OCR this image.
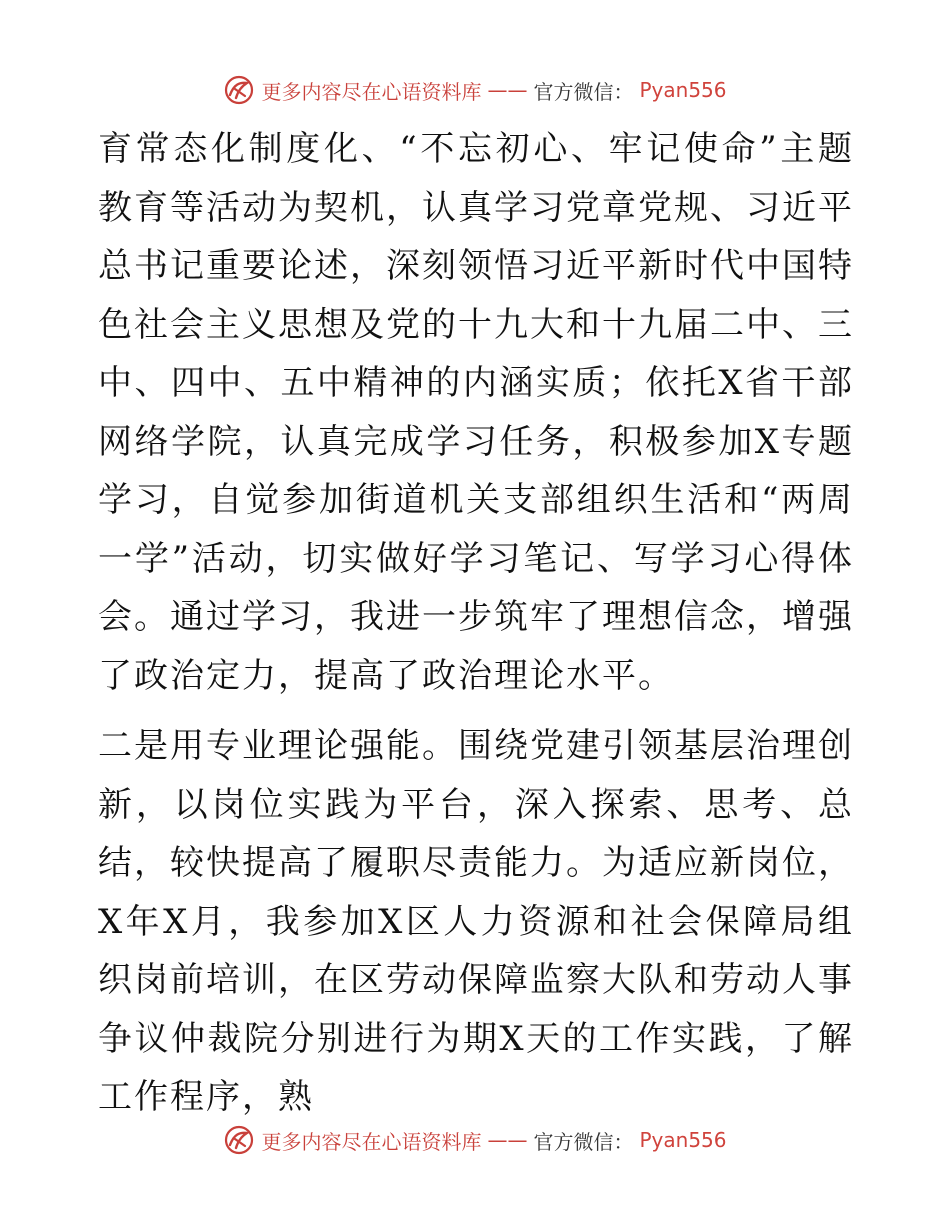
更多内容尽在心语资料库 —— 官方微信： Pyan556

育常态化制度化、“不忘初心、牢记使命”主题教育等活动为契机，认真学习党章党规、习近平总书记重要论述，深刻领悟习近平新时代中国特色社会主义思想及党的十九大和十九届二中、三中、四中、五中精神的内涵实质；依托X省干部网络学院，认真完成学习任务，积极参加X专题学习，自觉参加街道机关支部组织生活和“两周一学”活动，切实做好学习笔记、写学习心得体会。通过学习，我进一步筑牢了理想信念，增强了政治定力，提高了政治理论水平。

二是用专业理论强能。围绕党建引领基层治理创新，以岗位实践为平台，深入探索、思考、总结，较快提高了履职尽责能力。为适应新岗位，X年X月，我参加X区人力资源和社会保障局组织岗前培训，在区劳动保障监察大队和劳动人事争议仲裁院分别进行为期X天的工作实践，了解工作程序，熟

更多内容尽在心语资料库 —— 官方微信： Pyan556
